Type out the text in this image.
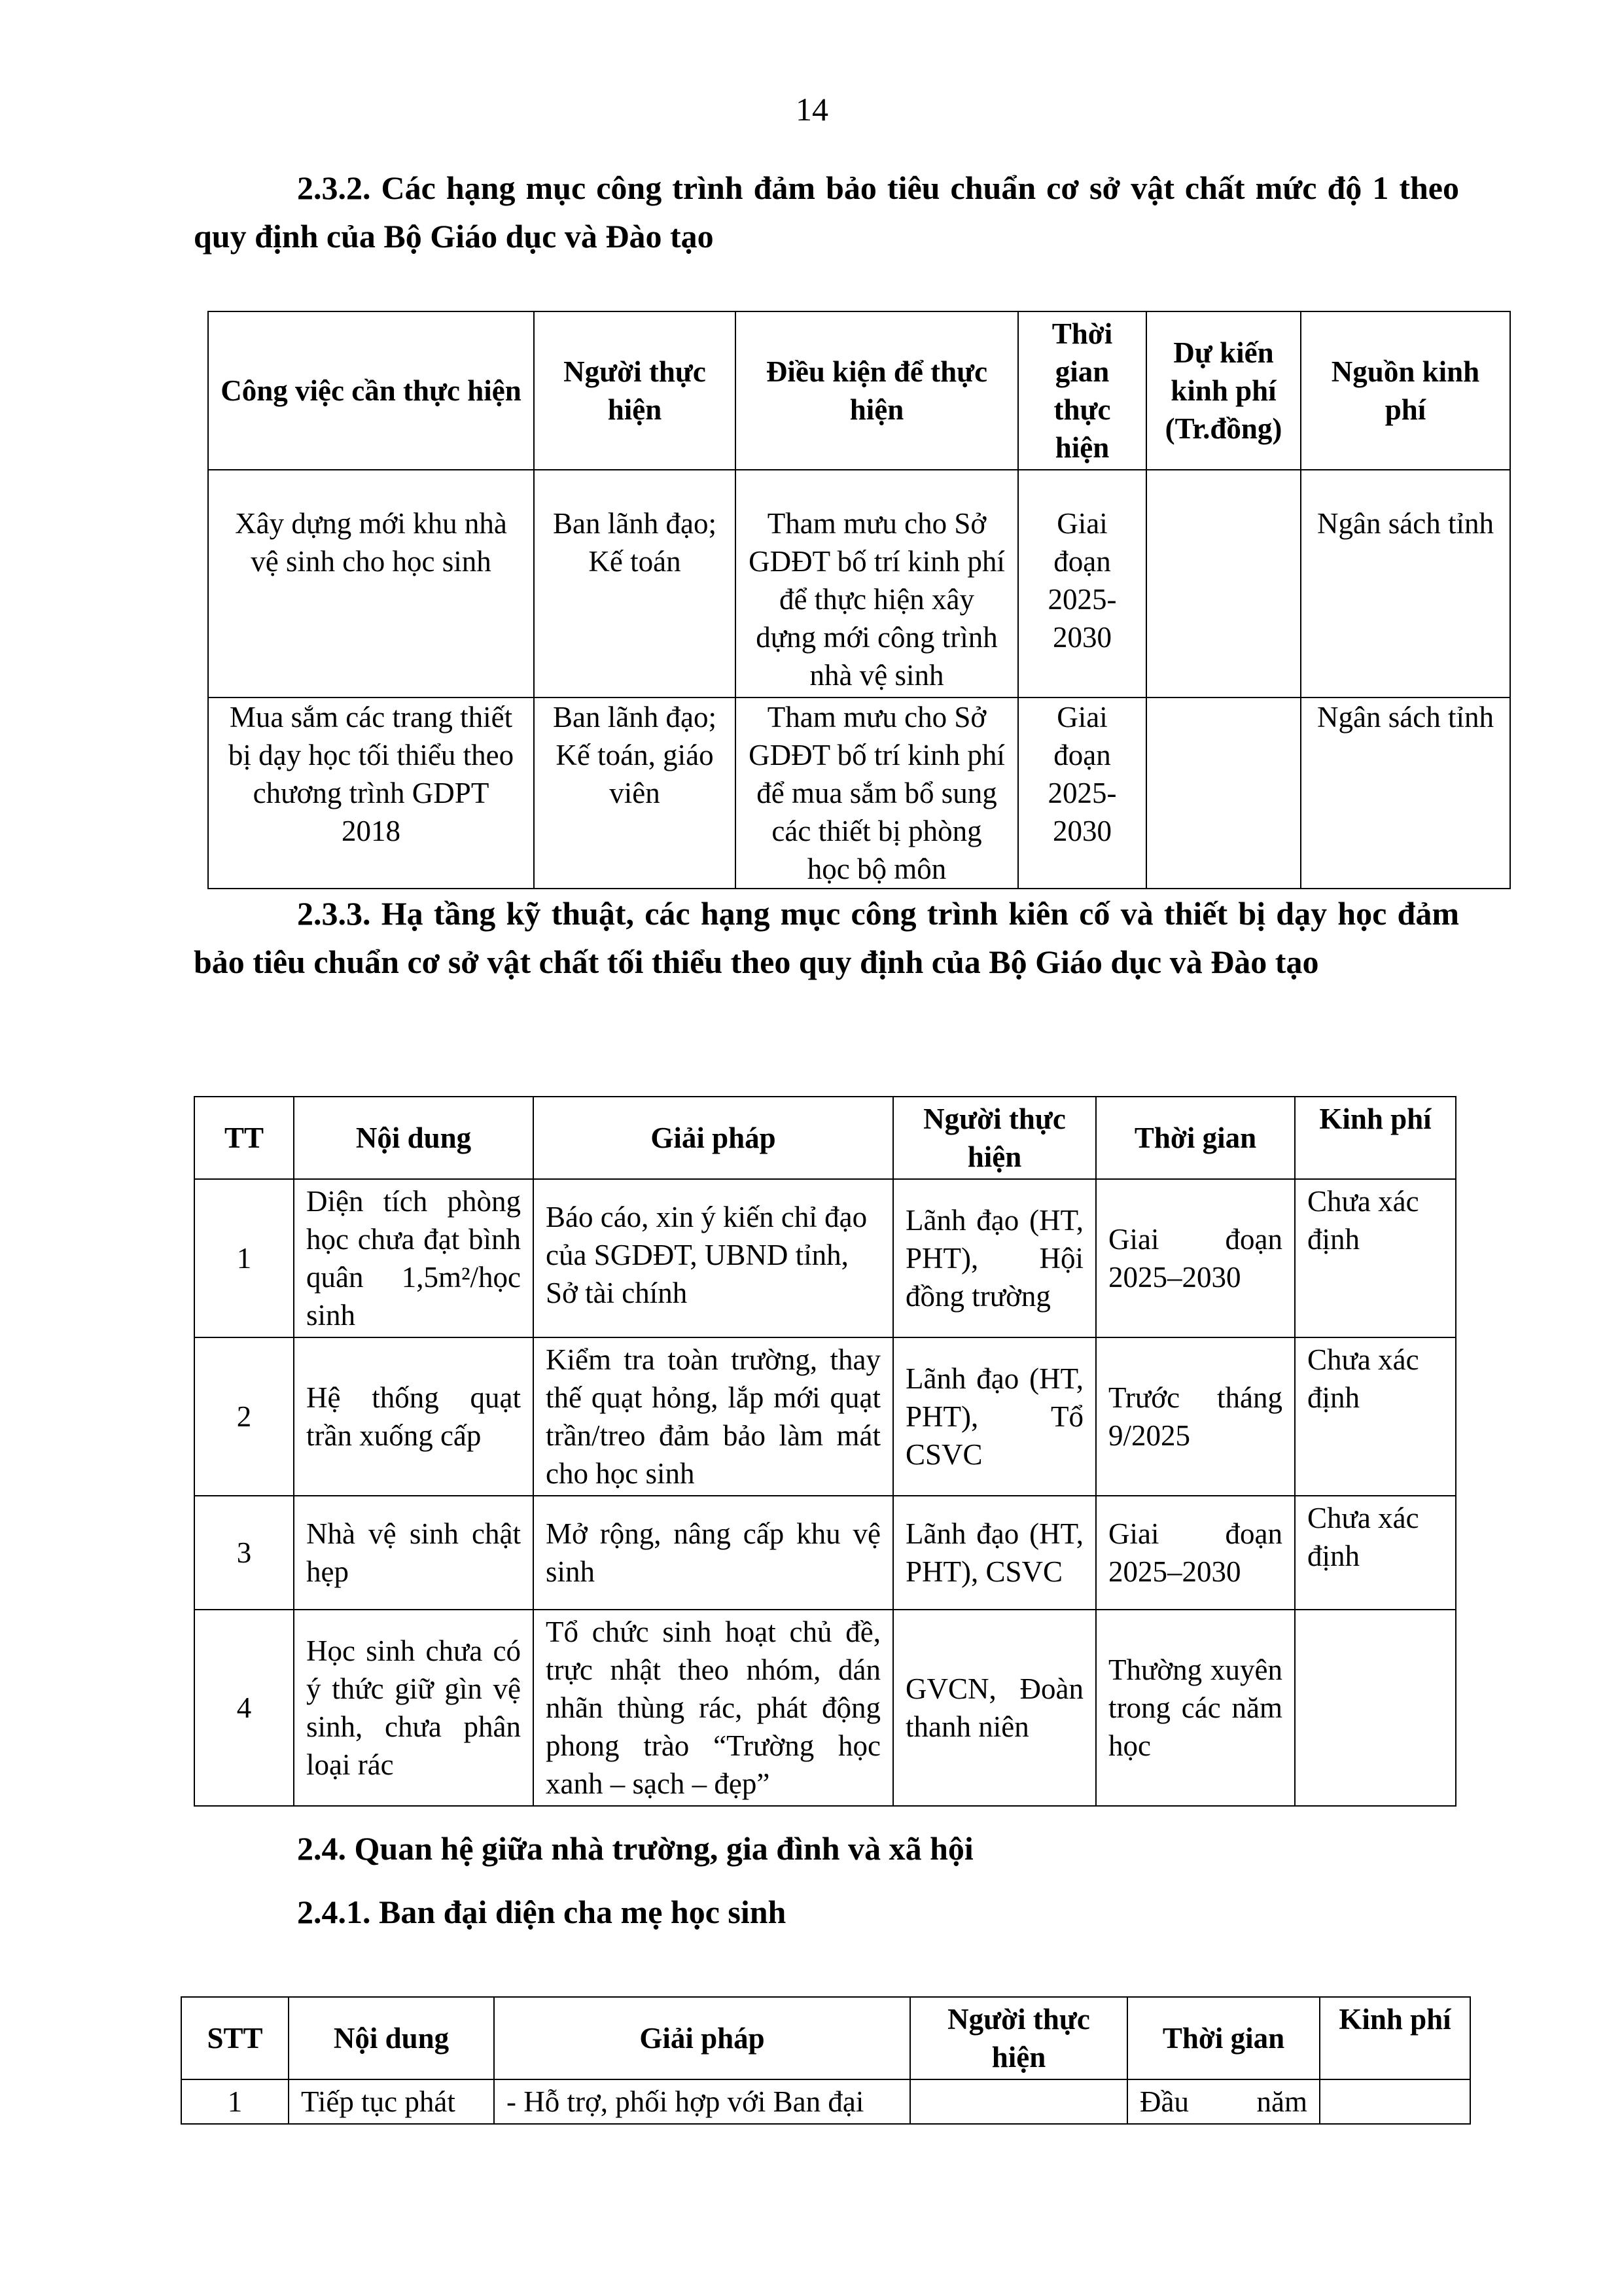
14

2.3.2. Các hạng mục công trình đảm bảo tiêu chuẩn cơ sở vật chất mức độ 1 theo quy định của Bộ Giáo dục và Đào tạo

Công việc cần thực hiện	Người thực hiện	Điều kiện để thực hiện	Thời gian thực hiện	Dự kiến kinh phí (Tr.đồng)	Nguồn kinh phí
Xây dựng mới khu nhà vệ sinh cho học sinh	Ban lãnh đạo; Kế toán	Tham mưu cho Sở GDĐT bố trí kinh phí để thực hiện xây dựng mới công trình nhà vệ sinh	Giai đoạn 2025-2030		Ngân sách tỉnh
Mua sắm các trang thiết bị dạy học tối thiểu theo chương trình GDPT 2018	Ban lãnh đạo; Kế toán, giáo viên	Tham mưu cho Sở GDĐT bố trí kinh phí để mua sắm bổ sung các thiết bị phòng học bộ môn	Giai đoạn 2025-2030		Ngân sách tỉnh

2.3.3. Hạ tầng kỹ thuật, các hạng mục công trình kiên cố và thiết bị dạy học đảm bảo tiêu chuẩn cơ sở vật chất tối thiểu theo quy định của Bộ Giáo dục và Đào tạo

TT	Nội dung	Giải pháp	Người thực hiện	Thời gian	Kinh phí
1	Diện tích phòng học chưa đạt bình quân 1,5m²/học sinh	Báo cáo, xin ý kiến chỉ đạo của SGDĐT, UBND tỉnh, Sở tài chính	Lãnh đạo (HT, PHT), Hội đồng trường	Giai đoạn 2025–2030	Chưa xác định
2	Hệ thống quạt trần xuống cấp	Kiểm tra toàn trường, thay thế quạt hỏng, lắp mới quạt trần/treo đảm bảo làm mát cho học sinh	Lãnh đạo (HT, PHT), Tổ CSVC	Trước tháng 9/2025	Chưa xác định
3	Nhà vệ sinh chật hẹp	Mở rộng, nâng cấp khu vệ sinh	Lãnh đạo (HT, PHT), CSVC	Giai đoạn 2025–2030	Chưa xác định
4	Học sinh chưa có ý thức giữ gìn vệ sinh, chưa phân loại rác	Tổ chức sinh hoạt chủ đề, trực nhật theo nhóm, dán nhãn thùng rác, phát động phong trào “Trường học xanh – sạch – đẹp”	GVCN, Đoàn thanh niên	Thường xuyên trong các năm học	

2.4. Quan hệ giữa nhà trường, gia đình và xã hội

2.4.1. Ban đại diện cha mẹ học sinh

STT	Nội dung	Giải pháp	Người thực hiện	Thời gian	Kinh phí
1	Tiếp tục phát	- Hỗ trợ, phối hợp với Ban đại		Đầu năm	
